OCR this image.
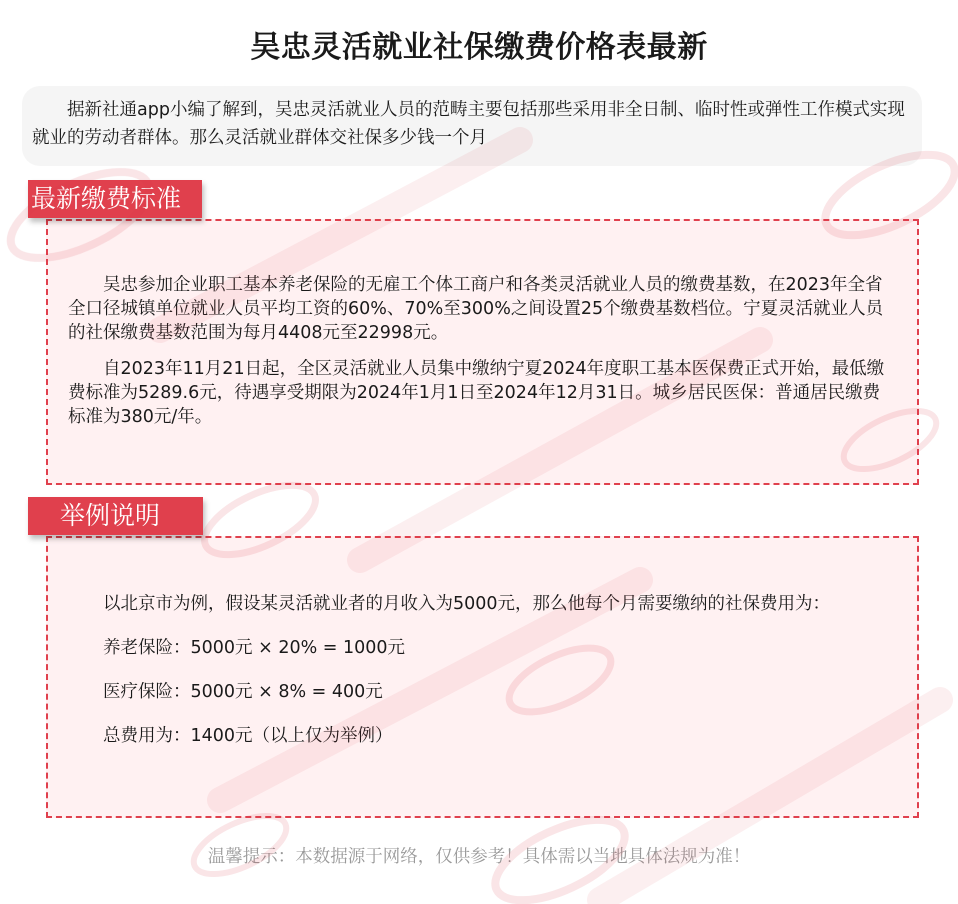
吴忠灵活就业社保缴费价格表最新

据新社通app小编了解到，吴忠灵活就业人员的范畴主要包括那些采用非全日制、临时性或弹性工作模式实现就业的劳动者群体。那么灵活就业群体交社保多少钱一个月

最新缴费标准

吴忠参加企业职工基本养老保险的无雇工个体工商户和各类灵活就业人员的缴费基数，在2023年全省全口径城镇单位就业人员平均工资的60%、70%至300%之间设置25个缴费基数档位。宁夏灵活就业人员的社保缴费基数范围为每月4408元至22998元。

自2023年11月21日起，全区灵活就业人员集中缴纳宁夏2024年度职工基本医保费正式开始，最低缴费标准为5289.6元，待遇享受期限为2024年1月1日至2024年12月31日。城乡居民医保：普通居民缴费标准为380元/年。

举例说明

以北京市为例，假设某灵活就业者的月收入为5000元，那么他每个月需要缴纳的社保费用为：

养老保险：5000元 × 20% = 1000元

医疗保险：5000元 × 8% = 400元

总费用为：1400元（以上仅为举例）

温馨提示：本数据源于网络，仅供参考！具体需以当地具体法规为准！
